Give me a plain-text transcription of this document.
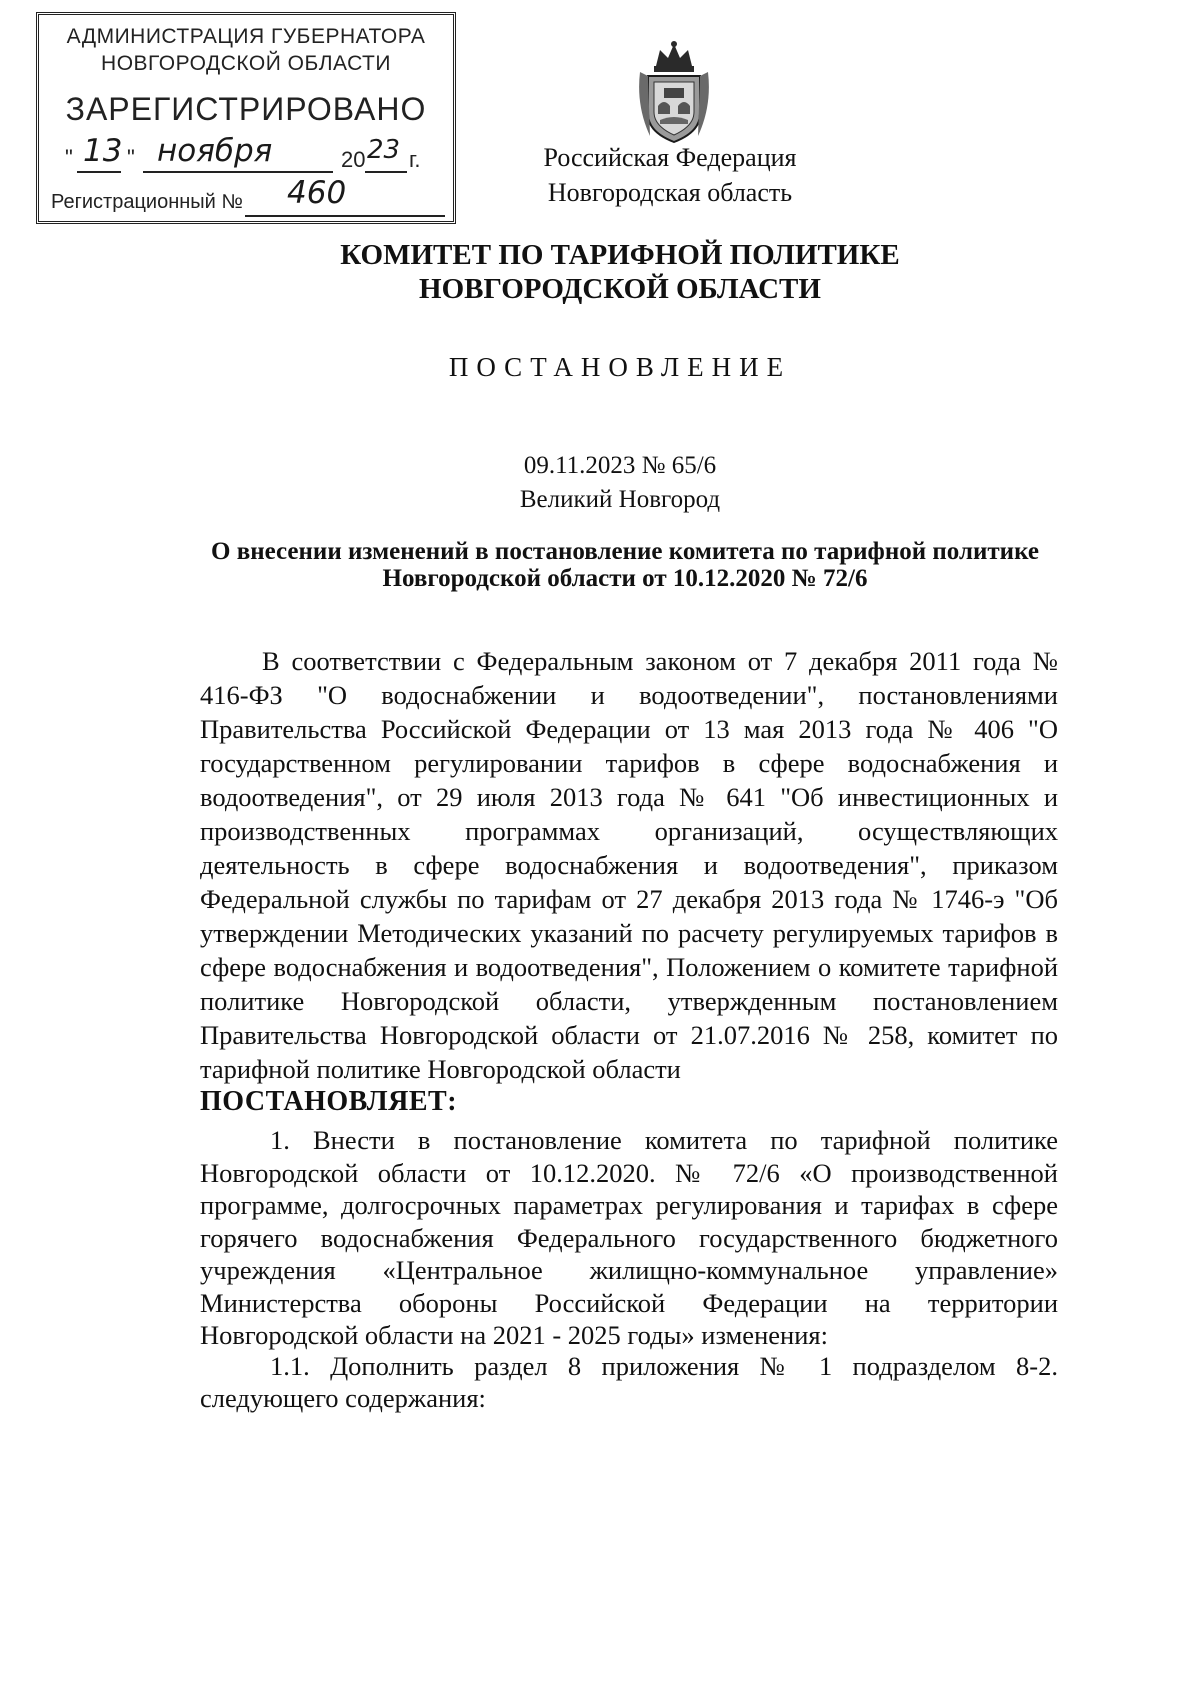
АДМИНИСТРАЦИЯ ГУБЕРНАТОРА
НОВГОРОДСКОЙ ОБЛАСТИ
ЗАРЕГИСТРИРОВАНО
" 13 " ноября	20 23 г.
Регистрационный № 460
Российская Федерация
Новгородская область
КОМИТЕТ ПО ТАРИФНОЙ ПОЛИТИКЕ НОВГОРОДСКОЙ ОБЛАСТИ
ПОСТАНОВЛЕНИЕ
09.11.2023 № 65/6
Великий Новгород
О внесении изменений в постановление комитета по тарифной политике Новгородской области от 10.12.2020 № 72/6
В соответствии с Федеральным законом от 7 декабря 2011 года № 416-ФЗ "О водоснабжении и водоотведении", постановлениями Правительства Российской Федерации от 13 мая 2013 года № 406 "О государственном регулировании тарифов в сфере водоснабжения и водоотведения", от 29 июля 2013 года № 641 "Об инвестиционных и производственных программах организаций, осуществляющих деятельность в сфере водоснабжения и водоотведения", приказом Федеральной службы по тарифам от 27 декабря 2013 года № 1746-э "Об утверждении Методических указаний по расчету регулируемых тарифов в сфере водоснабжения и водоотведения", Положением о комитете тарифной политике Новгородской области, утвержденным постановлением Правительства Новгородской области от 21.07.2016 № 258, комитет по тарифной политике Новгородской области
ПОСТАНОВЛЯЕТ:
1. Внести в постановление комитета по тарифной политике Новгородской области от 10.12.2020. № 72/6 «О производственной программе, долгосрочных параметрах регулирования и тарифах в сфере горячего водоснабжения Федерального государственного бюджетного учреждения «Центральное жилищно-коммунальное управление» Министерства обороны Российской Федерации на территории Новгородской области на 2021 - 2025 годы» изменения:
1.1. Дополнить раздел 8 приложения № 1 подразделом 8-2. следующего содержания:
